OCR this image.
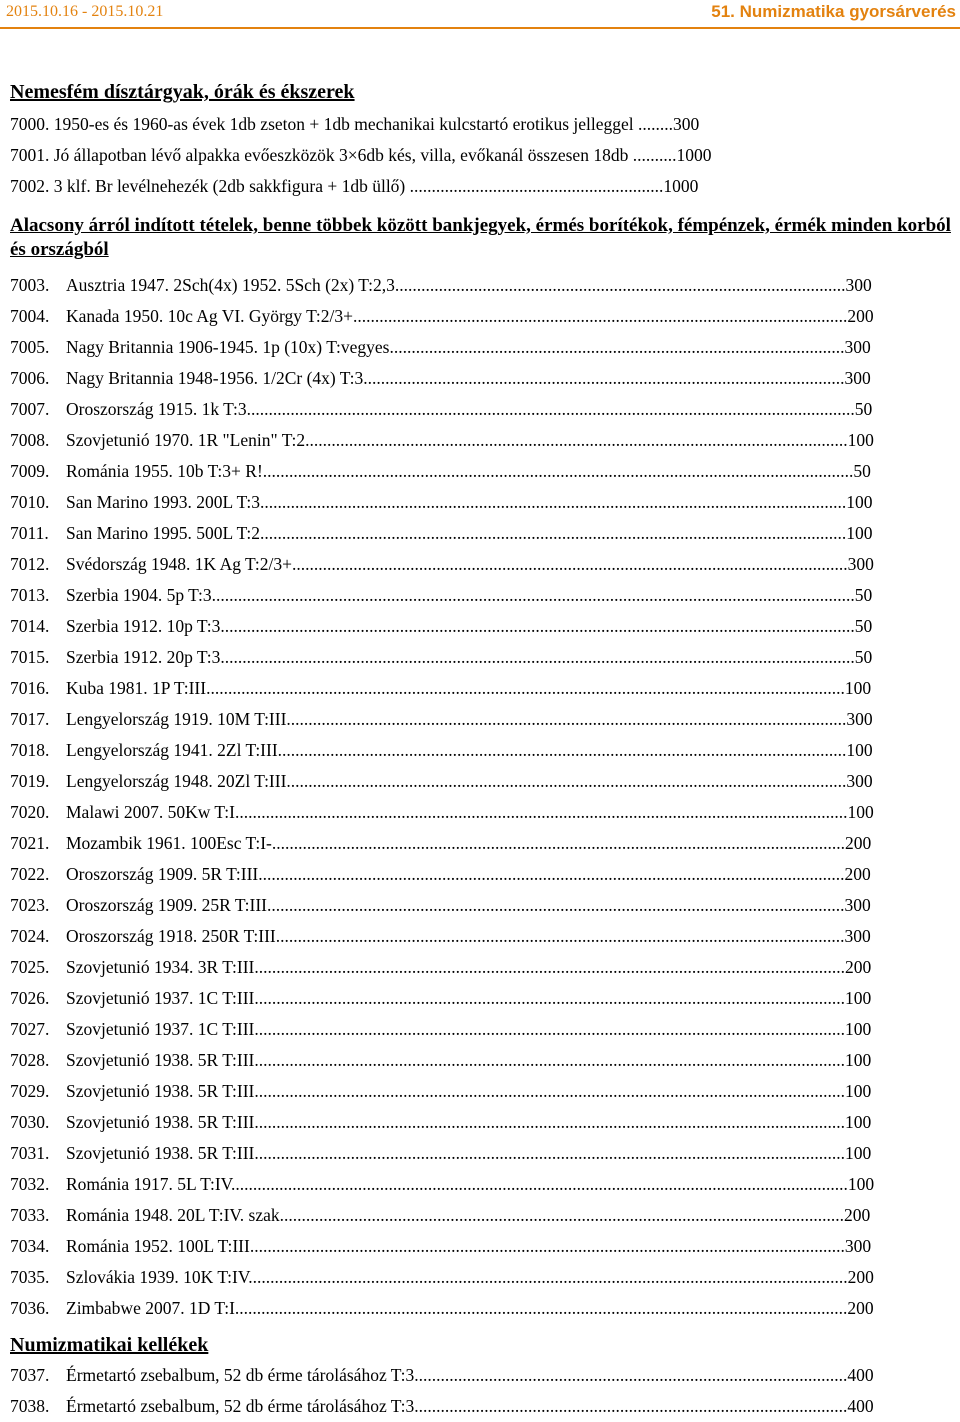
2015.10.16 - 2015.10.21	51. Numizmatika gyorsárverés
Nemesfém dísztárgyak, órák és ékszerek
7000. 1950-es és 1960-as évek 1db zseton + 1db mechanikai kulcstartó erotikus jelleggel ........300
7001. Jó állapotban lévő alpakka evőeszközök 3×6db kés, villa, evőkanál összesen 18db ..........1000
7002. 3 klf. Br levélnehezék (2db sakkfigura + 1db üllő) ..........................................................1000
Alacsony árról indított tételek, benne többek között bankjegyek, érmés borítékok, fémpénzek, érmék minden korból és országból
7003. Ausztria 1947. 2Sch(4x) 1952. 5Sch (2x) T:2,3.......................................................................................................300
7004. Kanada 1950. 10c Ag VI. György T:2/3+.................................................................................................................200
7005. Nagy Britannia 1906-1945. 1p (10x) T:vegyes........................................................................................................300
7006. Nagy Britannia 1948-1956. 1/2Cr (4x) T:3..............................................................................................................300
7007. Oroszország 1915. 1k T:3...........................................................................................................................................50
7008. Szovjetunió 1970. 1R "Lenin" T:2............................................................................................................................100
7009. Románia 1955. 10b T:3+ R!.......................................................................................................................................50
7010. San Marino 1993. 200L T:3......................................................................................................................................100
7011. San Marino 1995. 500L T:2......................................................................................................................................100
7012. Svédország 1948. 1K Ag T:2/3+...............................................................................................................................300
7013. Szerbia 1904. 5p T:3...................................................................................................................................................50
7014. Szerbia 1912. 10p T:3.................................................................................................................................................50
7015. Szerbia 1912. 20p T:3.................................................................................................................................................50
7016. Kuba 1981. 1P T:III..................................................................................................................................................100
7017. Lengyelország 1919. 10M T:III................................................................................................................................300
7018. Lengyelország 1941. 2Zl T:III..................................................................................................................................100
7019. Lengyelország 1948. 20Zl T:III................................................................................................................................300
7020. Malawi 2007. 50Kw T:I............................................................................................................................................100
7021. Mozambik 1961. 100Esc T:I-...................................................................................................................................200
7022. Oroszország 1909. 5R T:III......................................................................................................................................200
7023. Oroszország 1909. 25R T:III....................................................................................................................................300
7024. Oroszország 1918. 250R T:III..................................................................................................................................300
7025. Szovjetunió 1934. 3R T:III.......................................................................................................................................200
7026. Szovjetunió 1937. 1C T:III.......................................................................................................................................100
7027. Szovjetunió 1937. 1C T:III.......................................................................................................................................100
7028. Szovjetunió 1938. 5R T:III.......................................................................................................................................100
7029. Szovjetunió 1938. 5R T:III.......................................................................................................................................100
7030. Szovjetunió 1938. 5R T:III.......................................................................................................................................100
7031. Szovjetunió 1938. 5R T:III.......................................................................................................................................100
7032. Románia 1917. 5L T:IV.............................................................................................................................................100
7033. Románia 1948. 20L T:IV. szak.................................................................................................................................200
7034. Románia 1952. 100L T:III........................................................................................................................................300
7035. Szlovákia 1939. 10K T:IV.........................................................................................................................................200
7036. Zimbabwe 2007. 1D T:I............................................................................................................................................200
Numizmatikai kellékek
7037. Érmetartó zsebalbum, 52 db érme tárolásához T:3...................................................................................................400
7038. Érmetartó zsebalbum, 52 db érme tárolásához T:3...................................................................................................400
